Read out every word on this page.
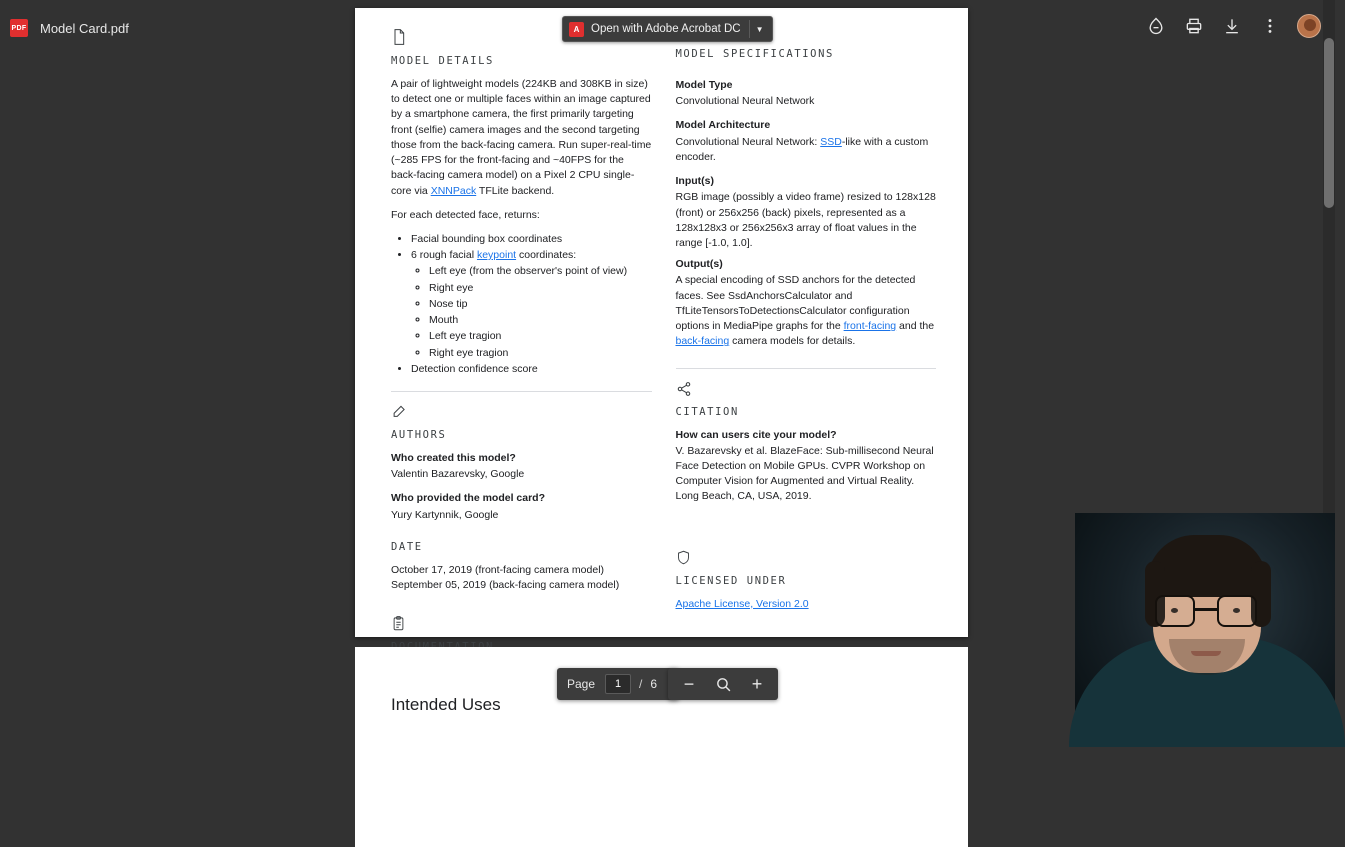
PDF Model Card.pdf	A	Open with Adobe Acrobat DC ▼
MODEL DETAILS

A pair of lightweight models (224KB and 308KB in size) to detect one or multiple faces within an image captured by a smartphone camera, the first primarily targeting front (selfie) camera images and the second targeting those from the back-facing camera. Run super-real-time (~285 FPS for the front-facing and ~40FPS for the back-facing camera model) on a Pixel 2 CPU single-core via XNNPack TFLite backend.

For each detected face, returns:

• Facial bounding box coordinates
• 6 rough facial keypoint coordinates:
◦ Left eye (from the observer's point of view)
◦ Right eye
◦ Nose tip
◦ Mouth
◦ Left eye tragion
◦ Right eye tragion
• Detection confidence score
AUTHORS
Who created this model?
Valentin Bazarevsky, Google
Who provided the model card?
Yury Kartynnik, Google
DATE
October 17, 2019 (front-facing camera model)
September 05, 2019 (back-facing camera model)
MODEL SPECIFICATIONS
Model Type
Convolutional Neural Network
Model Architecture
Convolutional Neural Network: SSD-like with a custom encoder.
Input(s)
RGB image (possibly a video frame) resized to 128x128 (front) or 256x256 (back) pixels, represented as a 128x128x3 or 256x256x3 array of float values in the range [-1.0, 1.0].
Output(s)
A special encoding of SSD anchors for the detected faces. See SsdAnchorsCalculator and TfLiteTensorsToDetectionsCalculator configuration options in MediaPipe graphs for the front-facing and the back-facing camera models for details.
CITATION
How can users cite your model?
V. Bazarevsky et al. BlazeFace: Sub-millisecond Neural Face Detection on Mobile GPUs. CVPR Workshop on Computer Vision for Augmented and Virtual Reality. Long Beach, CA, USA, 2019.
LICENSED UNDER
Apache License, Version 2.0
Intended Uses
Page	1	/ 6 −	+
